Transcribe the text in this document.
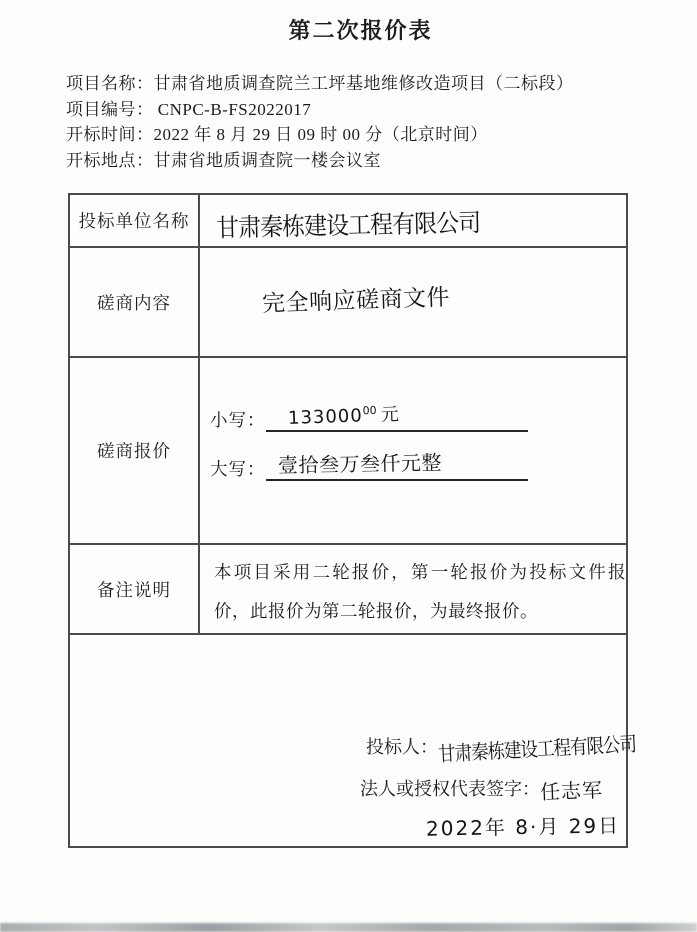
第二次报价表
项目名称：甘肃省地质调查院兰工坪基地维修改造项目（二标段）
项目编号： CNPC-B-FS2022017
开标时间：2022 年 8 月 29 日 09 时 00 分（北京时间）
开标地点：甘肃省地质调查院一楼会议室
投标单位名称	甘肃秦栋建设工程有限公司
磋商内容	完全响应磋商文件
磋商报价
小写： 133000$^{00}$ 元
大写： 壹拾叁万叁仟元整
备注说明
本项目采用二轮报价，第一轮报价为投标文件报价，此报价为第二轮报价，为最终报价。
投标人：甘肃秦栋建设工程有限公司
法人或授权代表签字：任志军
2022年 8·月 29日
